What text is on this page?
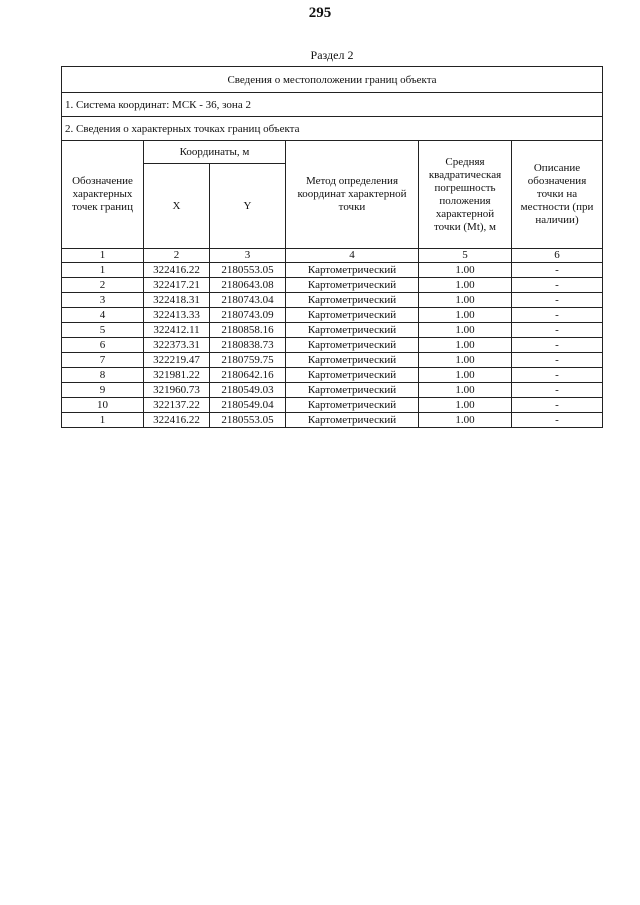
295
Раздел 2
Сведения о местоположении границ объекта					
1. Система координат: МСК - 36, зона 2					
2. Сведения о характерных точках границ объекта					
Обозначение характерных точек границ	Координаты, м		Метод определения координат характерной точки	Средняя квадратическая погрешность положения характерной точки (Mt), м	Описание обозначения точки на местности (при наличии)
	X	Y			
1	2	3	4	5	6
1	322416.22	2180553.05	Картометрический	1.00	-
2	322417.21	2180643.08	Картометрический	1.00	-
3	322418.31	2180743.04	Картометрический	1.00	-
4	322413.33	2180743.09	Картометрический	1.00	-
5	322412.11	2180858.16	Картометрический	1.00	-
6	322373.31	2180838.73	Картометрический	1.00	-
7	322219.47	2180759.75	Картометрический	1.00	-
8	321981.22	2180642.16	Картометрический	1.00	-
9	321960.73	2180549.03	Картометрический	1.00	-
10	322137.22	2180549.04	Картометрический	1.00	-
1	322416.22	2180553.05	Картометрический	1.00	-
